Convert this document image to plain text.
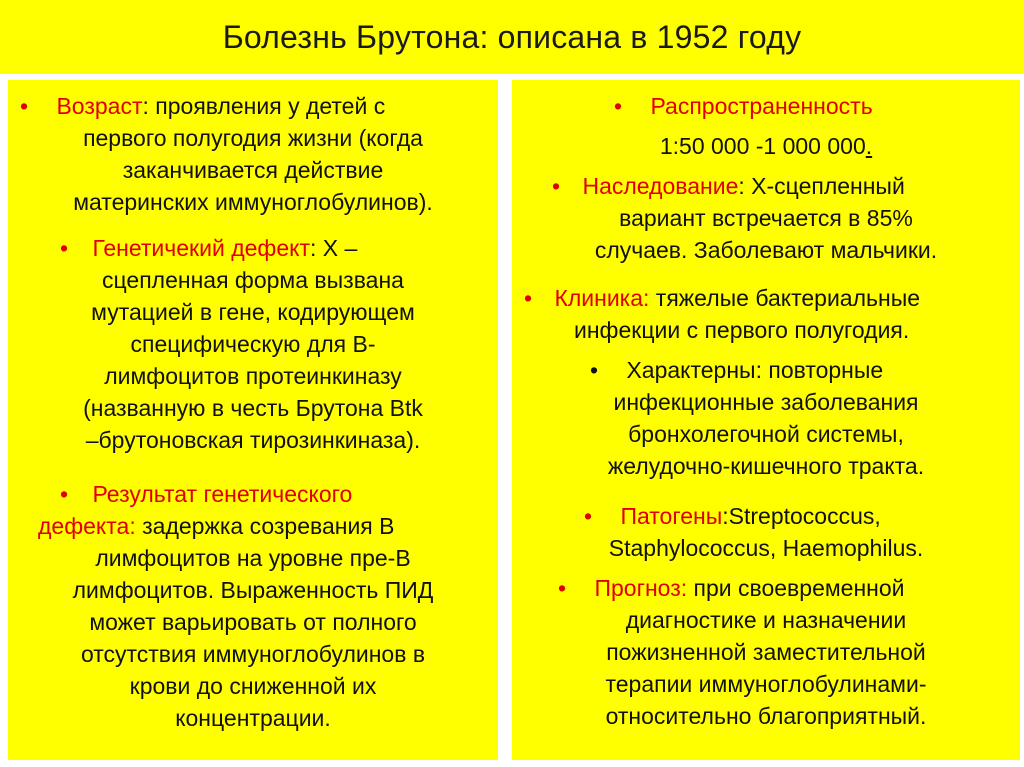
Болезнь Брутона: описана в 1952 году

• Возраст: проявления у детей с

первого полугодия жизни (когда

заканчивается действие

материнских иммуноглобулинов).

• Генетичекий дефект: Х –

сцепленная форма вызвана

мутацией в гене, кодирующем

специфическую для В-

лимфоцитов протеинкиназу

(названную в честь Брутона Btk

–брутоновская тирозинкиназа).

• Результат генетического

дефекта: задержка созревания В

лимфоцитов на уровне пре-В

лимфоцитов. Выраженность ПИД

может варьировать от полного

отсутствия иммуноглобулинов в

крови до сниженной их

концентрации.

• Распространенность

1:50 000 -1 000 000.

• Наследование: Х-сцепленный

вариант встречается в 85%

случаев. Заболевают мальчики.

• Клиника: тяжелые бактериальные

инфекции с первого полугодия.

• Характерны: повторные

инфекционные заболевания

бронхолегочной системы,

желудочно-кишечного тракта.

• Патогены:Streptococcus,

Staphylococcus, Haemophilus.

• Прогноз: при своевременной

диагностике и назначении

пожизненной заместительной

терапии иммуноглобулинами-

относительно благоприятный.
